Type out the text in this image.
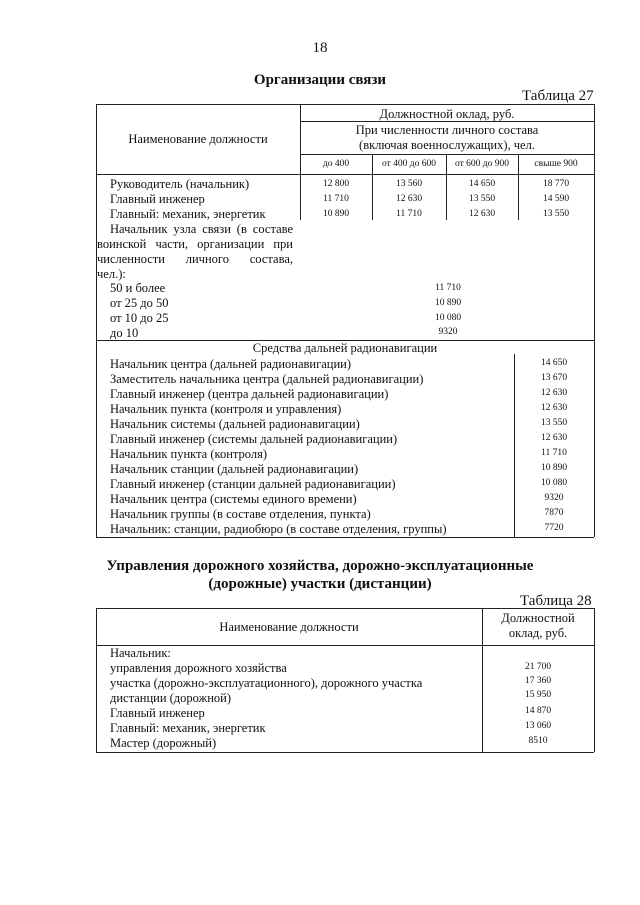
18
Организации связи
Таблица 27
Наименование должности
Должностной оклад, руб.
При численности личного состава
(включая военнослужащих), чел.
до 400	от 400 до 600	от 600 до 900	свыше 900
Руководитель (начальник)	12 800	13 560	14 650	18 770
Главный инженер	11 710	12 630	13 550	14 590
Главный: механик, энергетик	10 890	11 710	12 630	13 550
Начальник узла связи (в составе
воинской части, организации при
численности личного состава,
чел.):
50 и более	11 710
от 25 до 50	10 890
от 10 до 25	10 080
до 10	9320
Средства дальней радионавигации
Начальник центра (дальней радионавигации)	14 650
Заместитель начальника центра (дальней радионавигации)	13 670
Главный инженер (центра дальней радионавигации)	12 630
Начальник пункта (контроля и управления)	12 630
Начальник системы (дальней радионавигации)	13 550
Главный инженер (системы дальней радионавигации)	12 630
Начальник пункта (контроля)	11 710
Начальник станции (дальней радионавигации)	10 890
Главный инженер (станции дальней радионавигации)	10 080
Начальник центра (системы единого времени)	9320
Начальник группы (в составе отделения, пункта)	7870
Начальник: станции, радиобюро (в составе отделения, группы)	7720
Управления дорожного хозяйства, дорожно-эксплуатационные
(дорожные) участки (дистанции)
Таблица 28
Наименование должности
Должностной
оклад, руб.
Начальник:
управления дорожного хозяйства	21 700
участка (дорожно-эксплуатационного), дорожного участка	17 360
дистанции (дорожной)	15 950
Главный инженер	14 870
Главный: механик, энергетик	13 060
Мастер (дорожный)	8510
